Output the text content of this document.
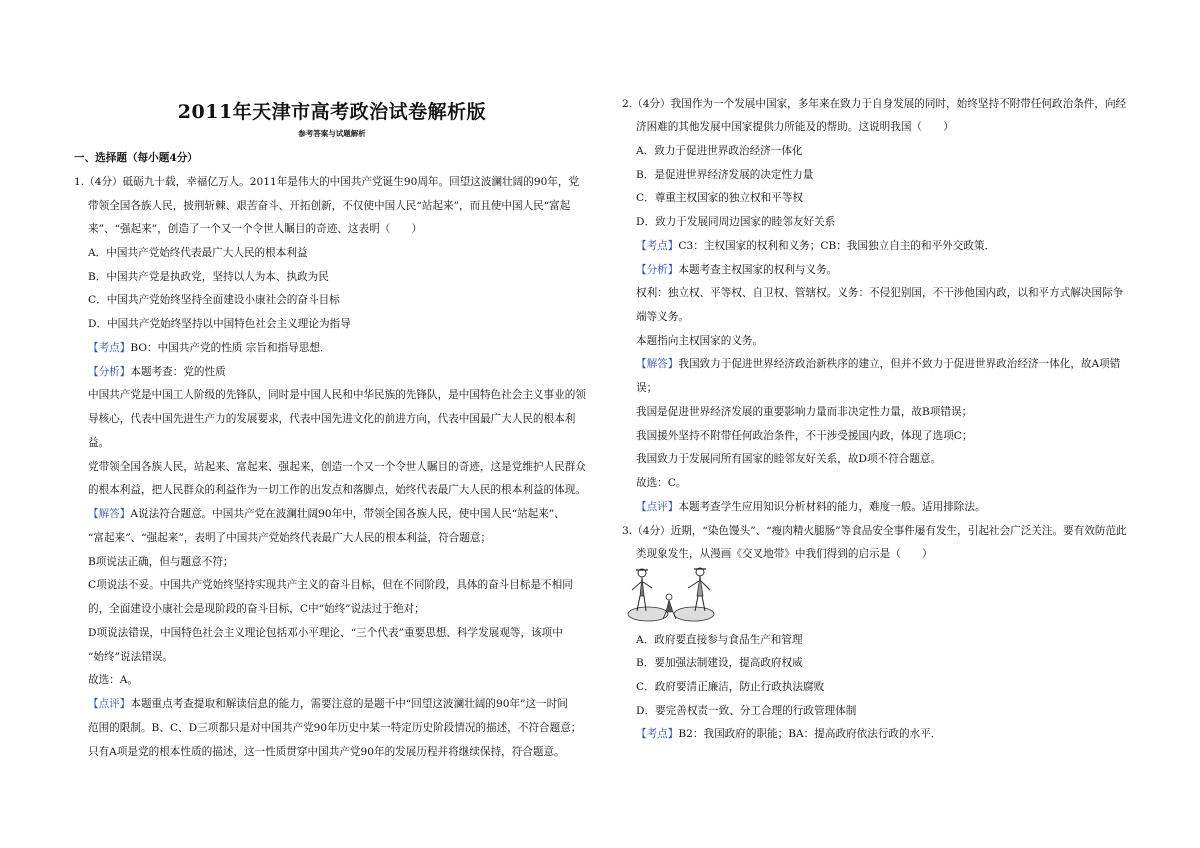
2011年天津市高考政治试卷解析版
参考答案与试题解析
一、选择题（每小题4分）
1.（4分）砥砺九十载，幸福亿万人。2011年是伟大的中国共产党诞生90周年。回望这波澜壮阔的90年，党
带领全国各族人民，披荆斩棘、艰苦奋斗、开拓创新，不仅使中国人民“站起来”，而且使中国人民“富起
来”、“强起来”，创造了一个又一个令世人瞩目的奇迹、这表明（　　）
A．中国共产党始终代表最广大人民的根本利益
B．中国共产党是执政党，坚持以人为本、执政为民
C．中国共产党始终坚持全面建设小康社会的奋斗目标
D．中国共产党始终坚持以中国特色社会主义理论为指导
【考点】BO：中国共产党的性质 宗旨和指导思想．
【分析】本题考查：党的性质
中国共产党是中国工人阶级的先锋队，同时是中国人民和中华民族的先锋队，是中国特色社会主义事业的领
导核心，代表中国先进生产力的发展要求，代表中国先进文化的前进方向，代表中国最广大人民的根本利
益。
党带领全国各族人民，站起来、富起来、强起来，创造一个又一个令世人瞩目的奇迹，这是党维护人民群众
的根本利益，把人民群众的利益作为一切工作的出发点和落脚点，始终代表最广大人民的根本利益的体现。
【解答】A说法符合题意。中国共产党在波澜壮阔90年中，带领全国各族人民，使中国人民“站起来”、
“富起来”、“强起来”，表明了中国共产党始终代表最广大人民的根本利益，符合题意；
B项说法正确，但与题意不符；
C项说法不妥。中国共产党始终坚持实现共产主义的奋斗目标，但在不同阶段，具体的奋斗目标是不相同
的，全面建设小康社会是现阶段的奋斗目标，C中“始终”说法过于绝对；
D项说法错误，中国特色社会主义理论包括邓小平理论、“三个代表”重要思想、科学发展观等，该项中
“始终”说法错误。
故选：A。
【点评】本题重点考查提取和解读信息的能力，需要注意的是题干中“回望这波澜壮阔的90年”这一时间
范围的限制。B、C、D三项都只是对中国共产党90年历史中某一特定历史阶段情况的描述，不符合题意；
只有A项是党的根本性质的描述，这一性质贯穿中国共产党90年的发展历程并将继续保持，符合题意。
2.（4分）我国作为一个发展中国家，多年来在致力于自身发展的同时，始终坚持不附带任何政治条件，向经
济困难的其他发展中国家提供力所能及的帮助。这说明我国（　　）
A．致力于促进世界政治经济一体化
B．是促进世界经济发展的决定性力量
C．尊重主权国家的独立权和平等权
D．致力于发展同周边国家的睦邻友好关系
【考点】C3：主权国家的权利和义务；CB：我国独立自主的和平外交政策．
【分析】本题考查主权国家的权利与义务。
权利：独立权、平等权、自卫权、管辖权。义务：不侵犯别国，不干涉他国内政，以和平方式解决国际争
端等义务。
本题指向主权国家的义务。
【解答】我国致力于促进世界经济政治新秩序的建立，但并不致力于促进世界政治经济一体化，故A项错
误；
我国是促进世界经济发展的重要影响力量而非决定性力量，故B项错误；
我国援外坚持不附带任何政治条件，不干涉受援国内政，体现了选项C；
我国致力于发展同所有国家的睦邻友好关系，故D项不符合题意。
故选：C。
【点评】本题考查学生应用知识分析材料的能力，难度一般。适用排除法。
3.（4分）近期，“染色馒头”、“瘦肉精火腿肠”等食品安全事件屡有发生，引起社会广泛关注。要有效防范此
类现象发生，从漫画《交叉地带》中我们得到的启示是（　　）
A．政府要直接参与食品生产和管理
B．要加强法制建设，提高政府权威
C．政府要清正廉洁，防止行政执法腐败
D．要完善权责一致、分工合理的行政管理体制
【考点】B2：我国政府的职能；BA：提高政府依法行政的水平．
